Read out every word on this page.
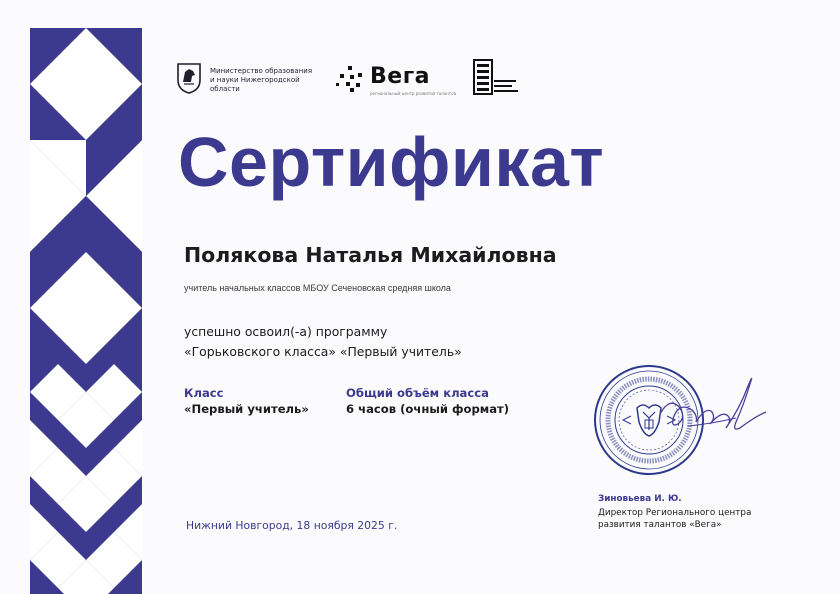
Министерство образования
и науки Нижегородской
области	Вега
региональный центр развития талантов
Сертификат
Полякова Наталья Михайловна
учитель начальных классов МБОУ Сеченовская средняя школа
успешно освоил(-а) программу
«Горьковского класса» «Первый учитель»
Класс
«Первый учитель»
Общий объём класса
6 часов (очный формат)
Нижний Новгород, 18 ноября 2025 г.
Зиновьева И. Ю.
Директор Регионального центра
развития талантов «Вега»
